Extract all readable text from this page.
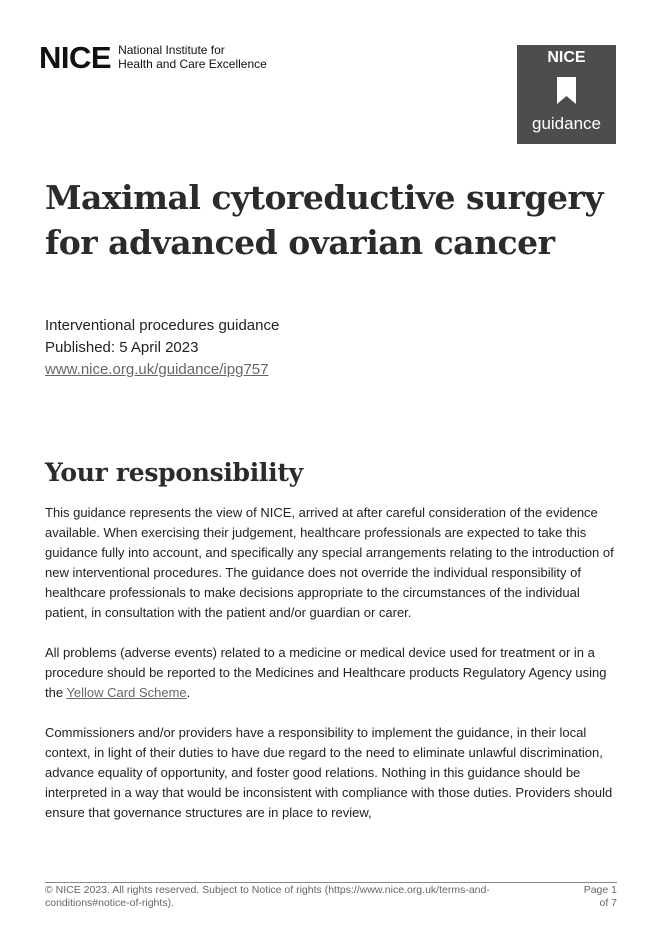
NICE National Institute for
Health and Care Excellence	NICE
guidance
Maximal cytoreductive surgery for advanced ovarian cancer
Interventional procedures guidance
Published: 5 April 2023
www.nice.org.uk/guidance/ipg757
Your responsibility

This guidance represents the view of NICE, arrived at after careful consideration of the evidence available. When exercising their judgement, healthcare professionals are expected to take this guidance fully into account, and specifically any special arrangements relating to the introduction of new interventional procedures. The guidance does not override the individual responsibility of healthcare professionals to make decisions appropriate to the circumstances of the individual patient, in consultation with the patient and/or guardian or carer.

All problems (adverse events) related to a medicine or medical device used for treatment or in a procedure should be reported to the Medicines and Healthcare products Regulatory Agency using the Yellow Card Scheme.

Commissioners and/or providers have a responsibility to implement the guidance, in their local context, in light of their duties to have due regard to the need to eliminate unlawful discrimination, advance equality of opportunity, and foster good relations. Nothing in this guidance should be interpreted in a way that would be inconsistent with compliance with those duties. Providers should ensure that governance structures are in place to review,

© NICE 2023. All rights reserved. Subject to Notice of rights (https://www.nice.org.uk/terms-and-conditions#notice-of-rights).
Page 1
of 7
